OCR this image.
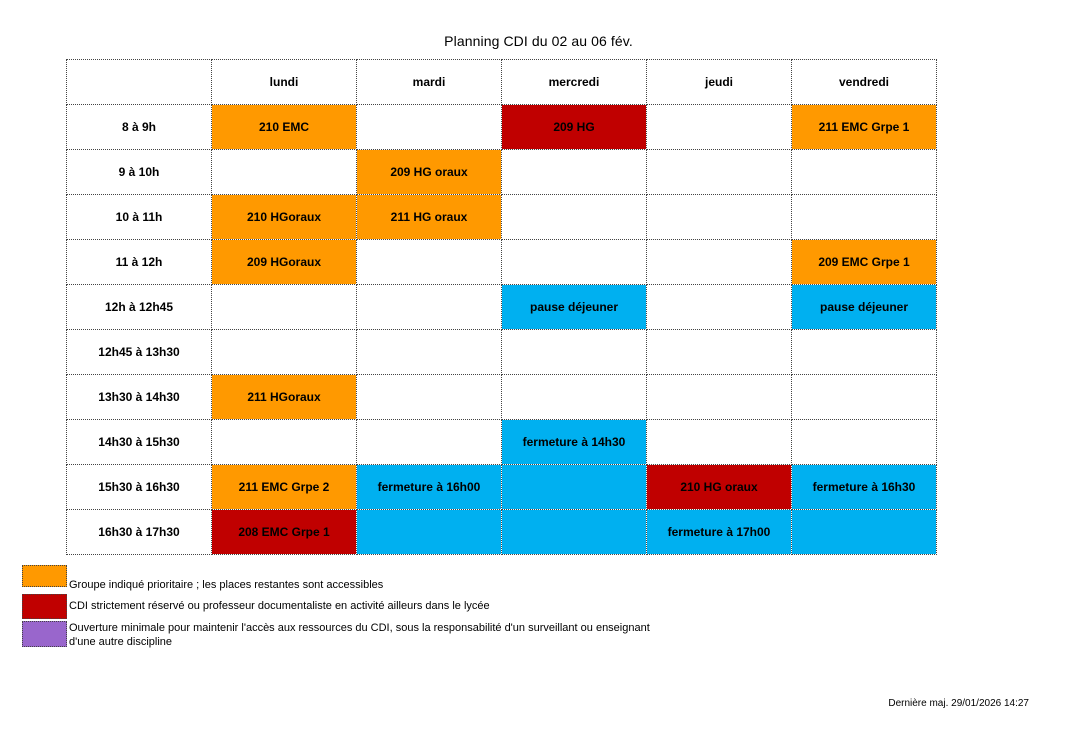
Planning CDI du 02 au 06 fév.
	lundi	mardi	mercredi	jeudi	vendredi
8 à 9h	210 EMC		209 HG		211 EMC Grpe 1
9 à 10h		209 HG oraux			
10 à 11h	210 HGoraux	211 HG oraux			
11 à 12h	209 HGoraux				209 EMC Grpe 1
12h à 12h45			pause déjeuner		pause déjeuner
12h45 à 13h30					
13h30 à 14h30	211 HGoraux				
14h30 à 15h30			fermeture à 14h30		
15h30 à 16h30	211 EMC Grpe 2	fermeture à 16h00		210 HG oraux	fermeture à 16h30
16h30 à 17h30	208 EMC Grpe 1			fermeture à 17h00	
Groupe indiqué prioritaire ; les places restantes sont accessibles
CDI strictement réservé ou professeur documentaliste en activité ailleurs dans le lycée
Ouverture minimale pour maintenir l'accès aux ressources du CDI, sous la responsabilité d'un surveillant ou enseignant d'une autre discipline
Dernière maj. 29/01/2026 14:27
